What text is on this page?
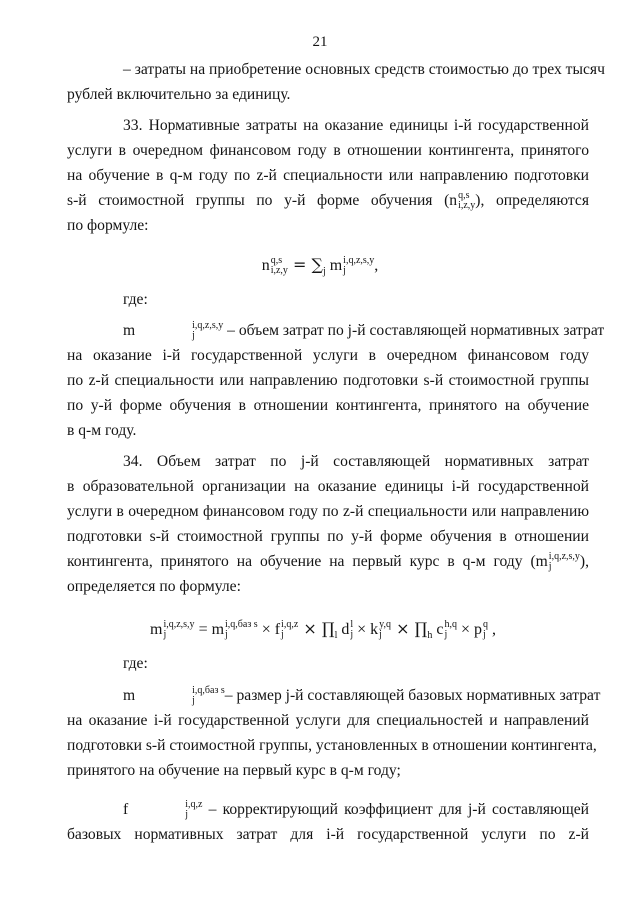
21
– затраты на приобретение основных средств стоимостью до трех тысяч
рублей включительно за единицу.
33. Нормативные затраты на оказание единицы i-й государственной
услуги в очередном финансовом году в отношении контингента, принятого
на обучение в q-м году по z-й специальности или направлению подготовки
s-й стоимостной группы по y-й форме обучения (n q,s
i,z,y ), определяются
по формуле:
n q,s
$i,z,y = \sum_j$ m i,q,z,s,y
j	,
где:
m	i,q,z,s,y
j	– объем затрат по j-й составляющей нормативных затрат
на оказание i-й государственной услуги в очередном финансовом году
по z-й специальности или направлению подготовки s-й стоимостной группы
по y-й форме обучения в отношении контингента, принятого на обучение
в q-м году.
34. Объем затрат по j-й составляющей нормативных затрат
в образовательной организации на оказание единицы i-й государственной
услуги в очередном финансовом году по z-й специальности или направлению
подготовки s-й стоимостной группы по y-й форме обучения в отношении
контингента, принятого на обучение на первый курс в q-м году (m i,q,z,s,y
j	),
определяется по формуле:
m i,q,z,s,y
j	= m i,q,баз s
j	× f i,q,z
$j \times \prod_l$ d l
j × k y,q
$j \times \prod_h$ c h,q
j × p q
j ,
где:
m	i,q,баз s
j	– размер j-й составляющей базовых нормативных затрат
на оказание i-й государственной услуги для специальностей и направлений
подготовки s-й стоимостной группы, установленных в отношении контингента,
принятого на обучение на первый курс в q-м году;
f	i,q,z
j – корректирующий коэффициент для j-й составляющей
базовых нормативных затрат для i-й государственной услуги по z-й
